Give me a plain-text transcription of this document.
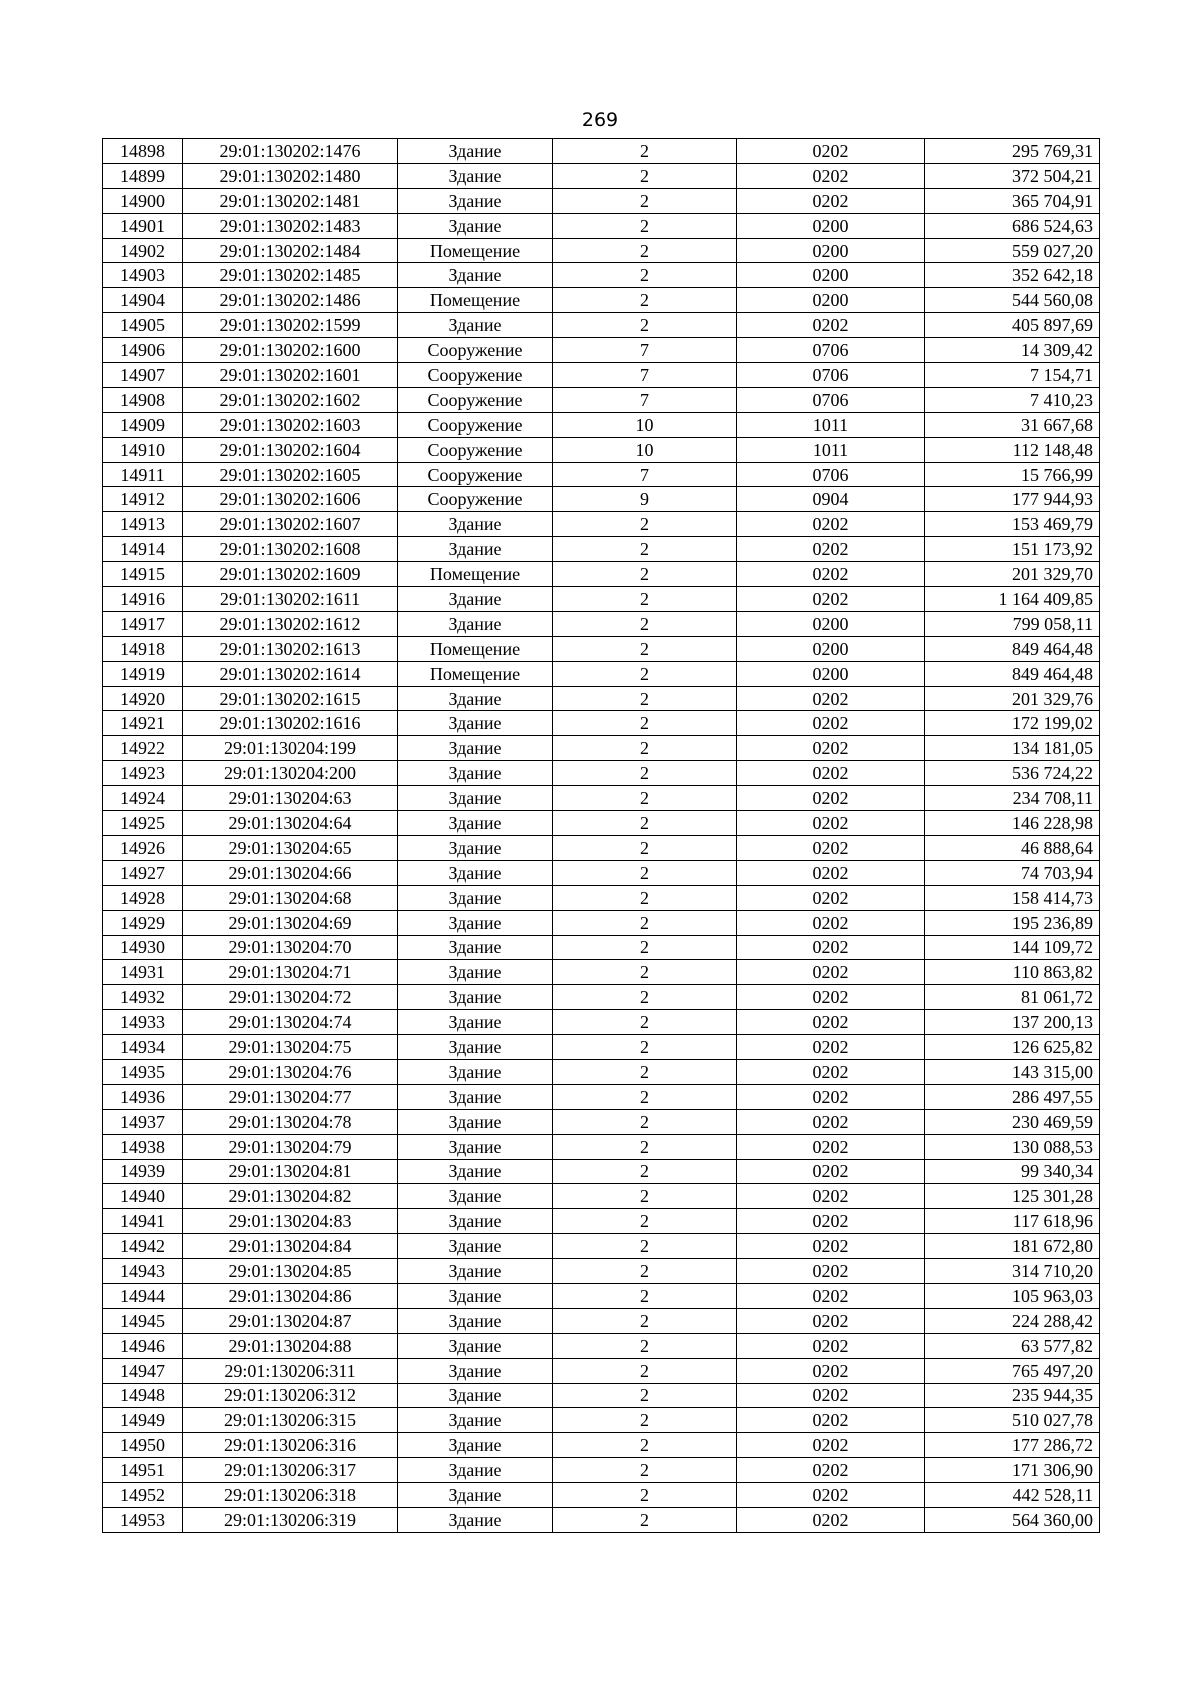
269
14898	29:01:130202:1476	Здание	2	0202	295 769,31
14899	29:01:130202:1480	Здание	2	0202	372 504,21
14900	29:01:130202:1481	Здание	2	0202	365 704,91
14901	29:01:130202:1483	Здание	2	0200	686 524,63
14902	29:01:130202:1484	Помещение	2	0200	559 027,20
14903	29:01:130202:1485	Здание	2	0200	352 642,18
14904	29:01:130202:1486	Помещение	2	0200	544 560,08
14905	29:01:130202:1599	Здание	2	0202	405 897,69
14906	29:01:130202:1600	Сооружение	7	0706	14 309,42
14907	29:01:130202:1601	Сооружение	7	0706	7 154,71
14908	29:01:130202:1602	Сооружение	7	0706	7 410,23
14909	29:01:130202:1603	Сооружение	10	1011	31 667,68
14910	29:01:130202:1604	Сооружение	10	1011	112 148,48
14911	29:01:130202:1605	Сооружение	7	0706	15 766,99
14912	29:01:130202:1606	Сооружение	9	0904	177 944,93
14913	29:01:130202:1607	Здание	2	0202	153 469,79
14914	29:01:130202:1608	Здание	2	0202	151 173,92
14915	29:01:130202:1609	Помещение	2	0202	201 329,70
14916	29:01:130202:1611	Здание	2	0202	1 164 409,85
14917	29:01:130202:1612	Здание	2	0200	799 058,11
14918	29:01:130202:1613	Помещение	2	0200	849 464,48
14919	29:01:130202:1614	Помещение	2	0200	849 464,48
14920	29:01:130202:1615	Здание	2	0202	201 329,76
14921	29:01:130202:1616	Здание	2	0202	172 199,02
14922	29:01:130204:199	Здание	2	0202	134 181,05
14923	29:01:130204:200	Здание	2	0202	536 724,22
14924	29:01:130204:63	Здание	2	0202	234 708,11
14925	29:01:130204:64	Здание	2	0202	146 228,98
14926	29:01:130204:65	Здание	2	0202	46 888,64
14927	29:01:130204:66	Здание	2	0202	74 703,94
14928	29:01:130204:68	Здание	2	0202	158 414,73
14929	29:01:130204:69	Здание	2	0202	195 236,89
14930	29:01:130204:70	Здание	2	0202	144 109,72
14931	29:01:130204:71	Здание	2	0202	110 863,82
14932	29:01:130204:72	Здание	2	0202	81 061,72
14933	29:01:130204:74	Здание	2	0202	137 200,13
14934	29:01:130204:75	Здание	2	0202	126 625,82
14935	29:01:130204:76	Здание	2	0202	143 315,00
14936	29:01:130204:77	Здание	2	0202	286 497,55
14937	29:01:130204:78	Здание	2	0202	230 469,59
14938	29:01:130204:79	Здание	2	0202	130 088,53
14939	29:01:130204:81	Здание	2	0202	99 340,34
14940	29:01:130204:82	Здание	2	0202	125 301,28
14941	29:01:130204:83	Здание	2	0202	117 618,96
14942	29:01:130204:84	Здание	2	0202	181 672,80
14943	29:01:130204:85	Здание	2	0202	314 710,20
14944	29:01:130204:86	Здание	2	0202	105 963,03
14945	29:01:130204:87	Здание	2	0202	224 288,42
14946	29:01:130204:88	Здание	2	0202	63 577,82
14947	29:01:130206:311	Здание	2	0202	765 497,20
14948	29:01:130206:312	Здание	2	0202	235 944,35
14949	29:01:130206:315	Здание	2	0202	510 027,78
14950	29:01:130206:316	Здание	2	0202	177 286,72
14951	29:01:130206:317	Здание	2	0202	171 306,90
14952	29:01:130206:318	Здание	2	0202	442 528,11
14953	29:01:130206:319	Здание	2	0202	564 360,00
